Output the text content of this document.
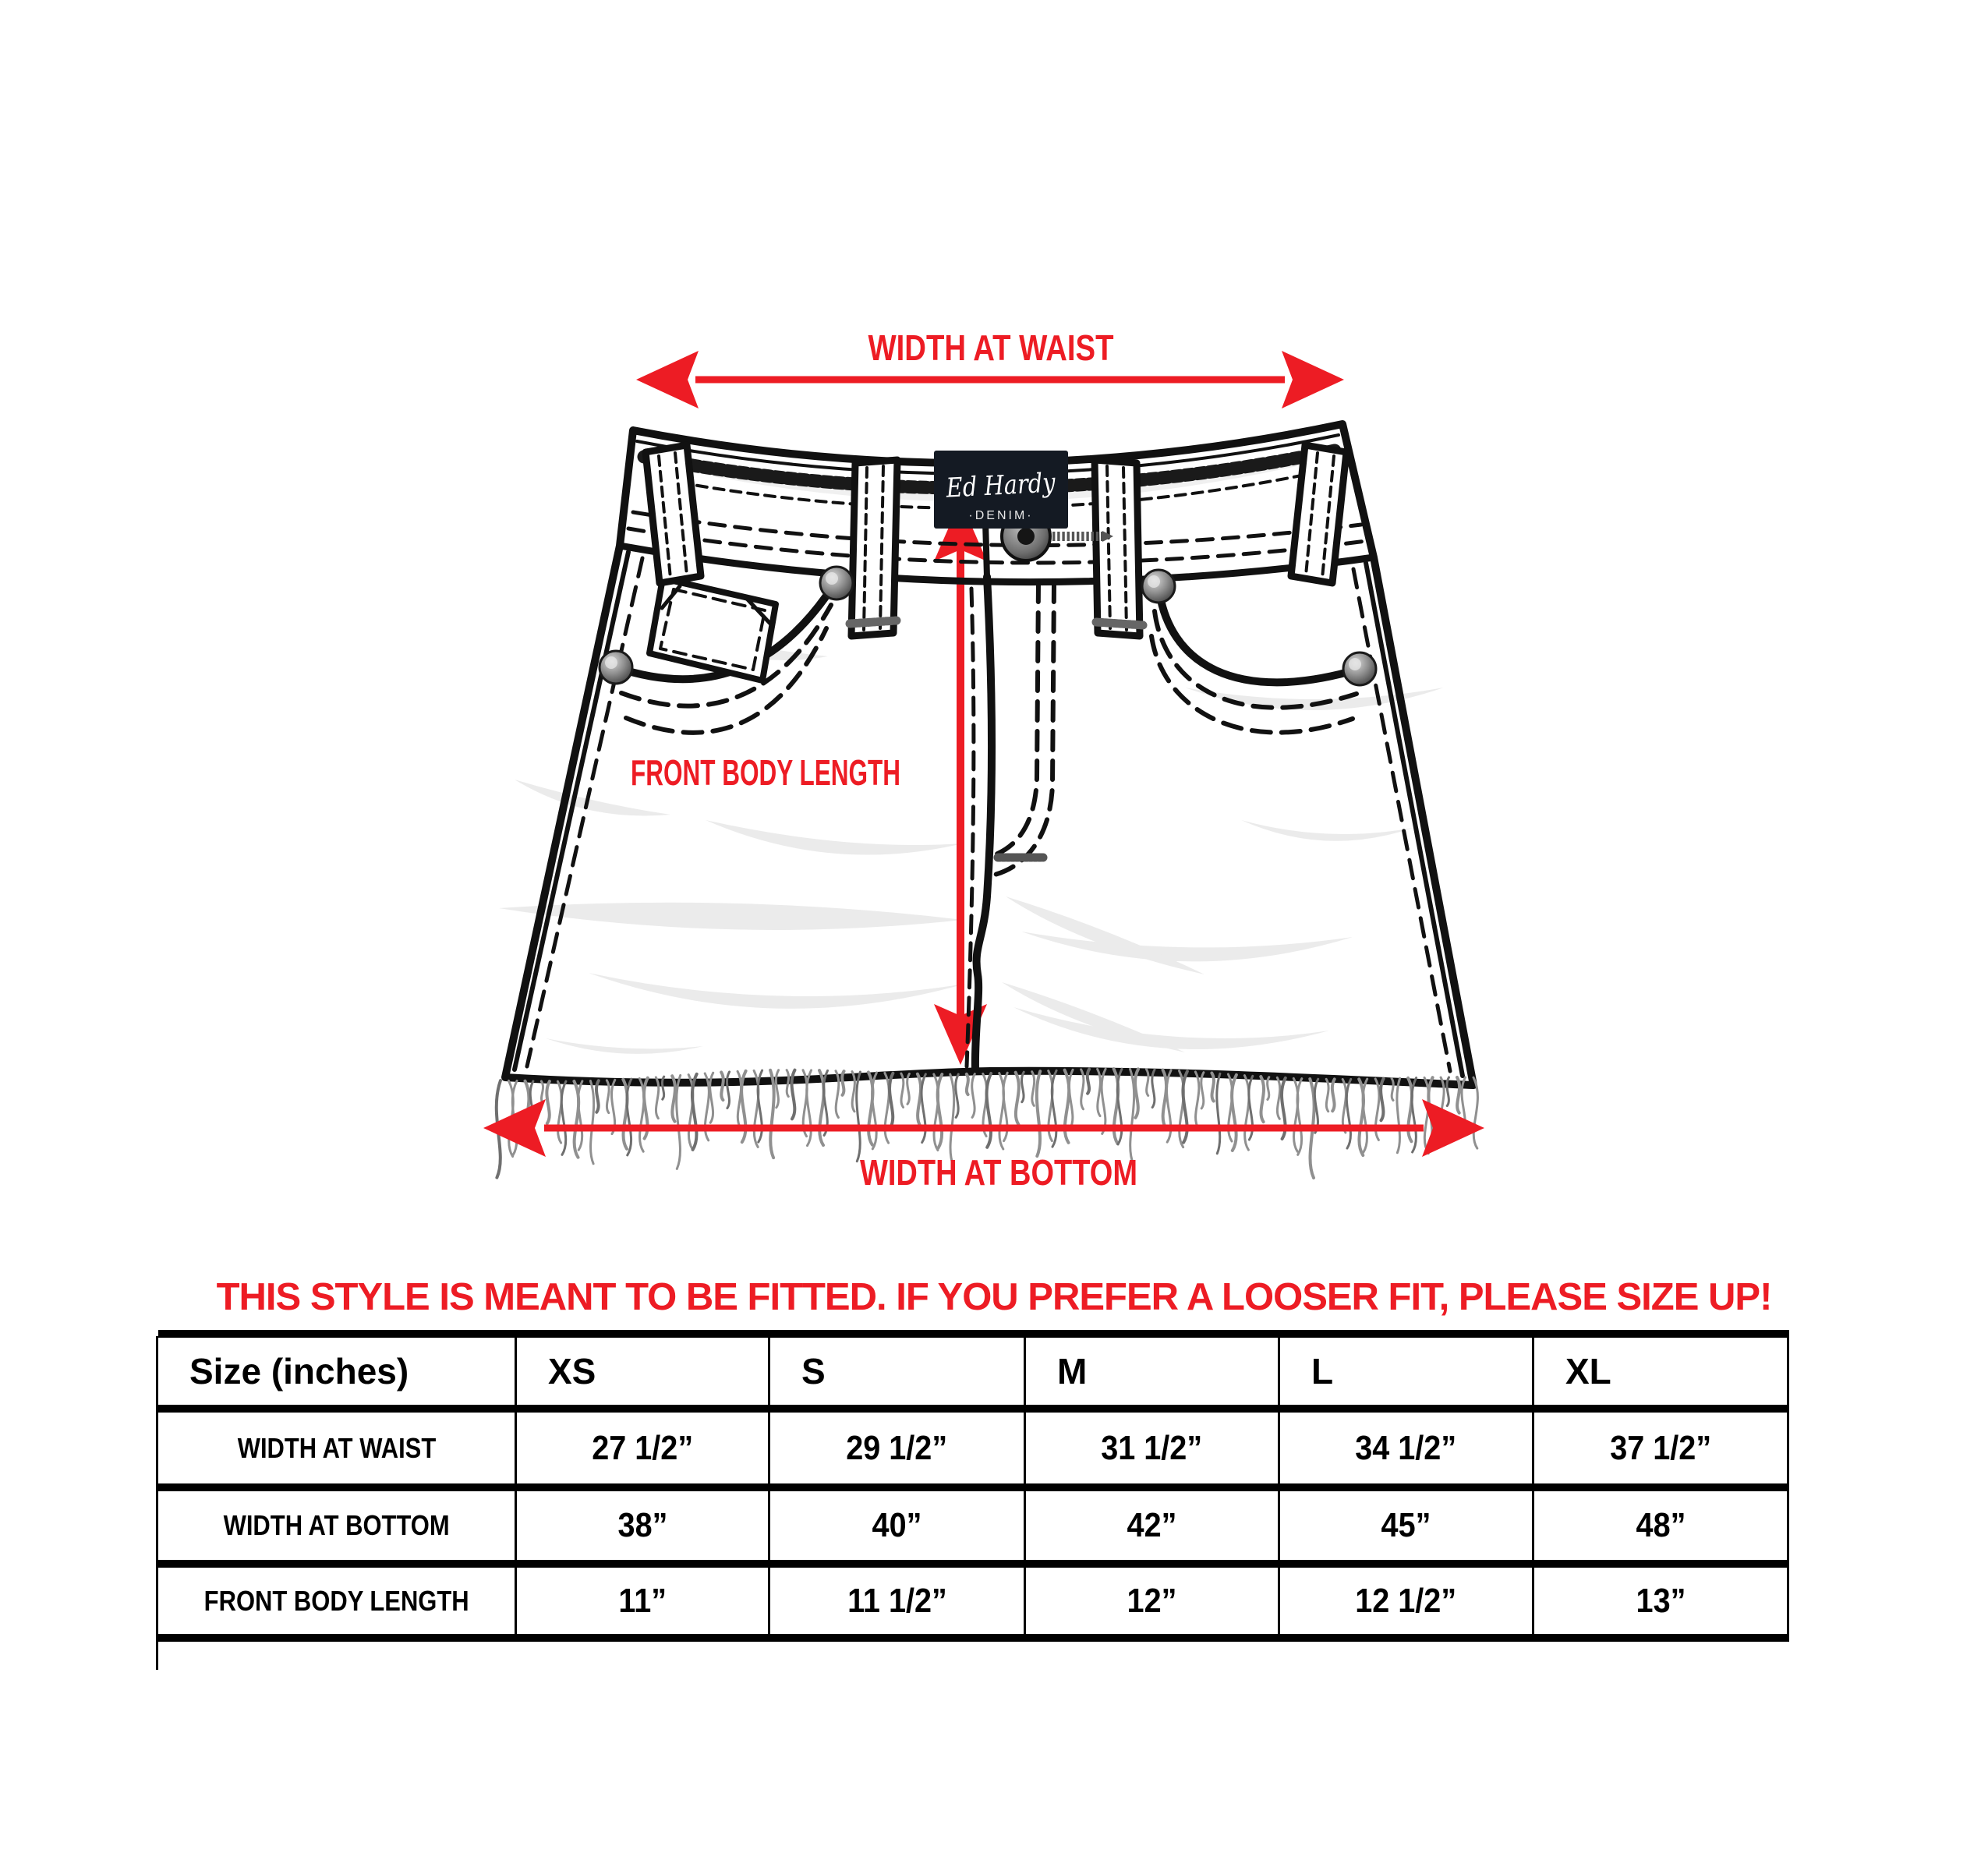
Ed Hardy
·DENIM·
WIDTH AT WAIST
FRONT BODY LENGTH
WIDTH AT BOTTOM
THIS STYLE IS MEANT TO BE FITTED. IF YOU PREFER A LOOSER FIT, PLEASE SIZE UP!
Size (inches)	XS	S	M	L	XL
WIDTH AT WAIST	27 1/2”	29 1/2”	31 1/2”	34 1/2”	37 1/2”
WIDTH AT BOTTOM	38”	40”	42”	45”	48”
FRONT BODY LENGTH	11”	11 1/2”	12”	12 1/2”	13”
